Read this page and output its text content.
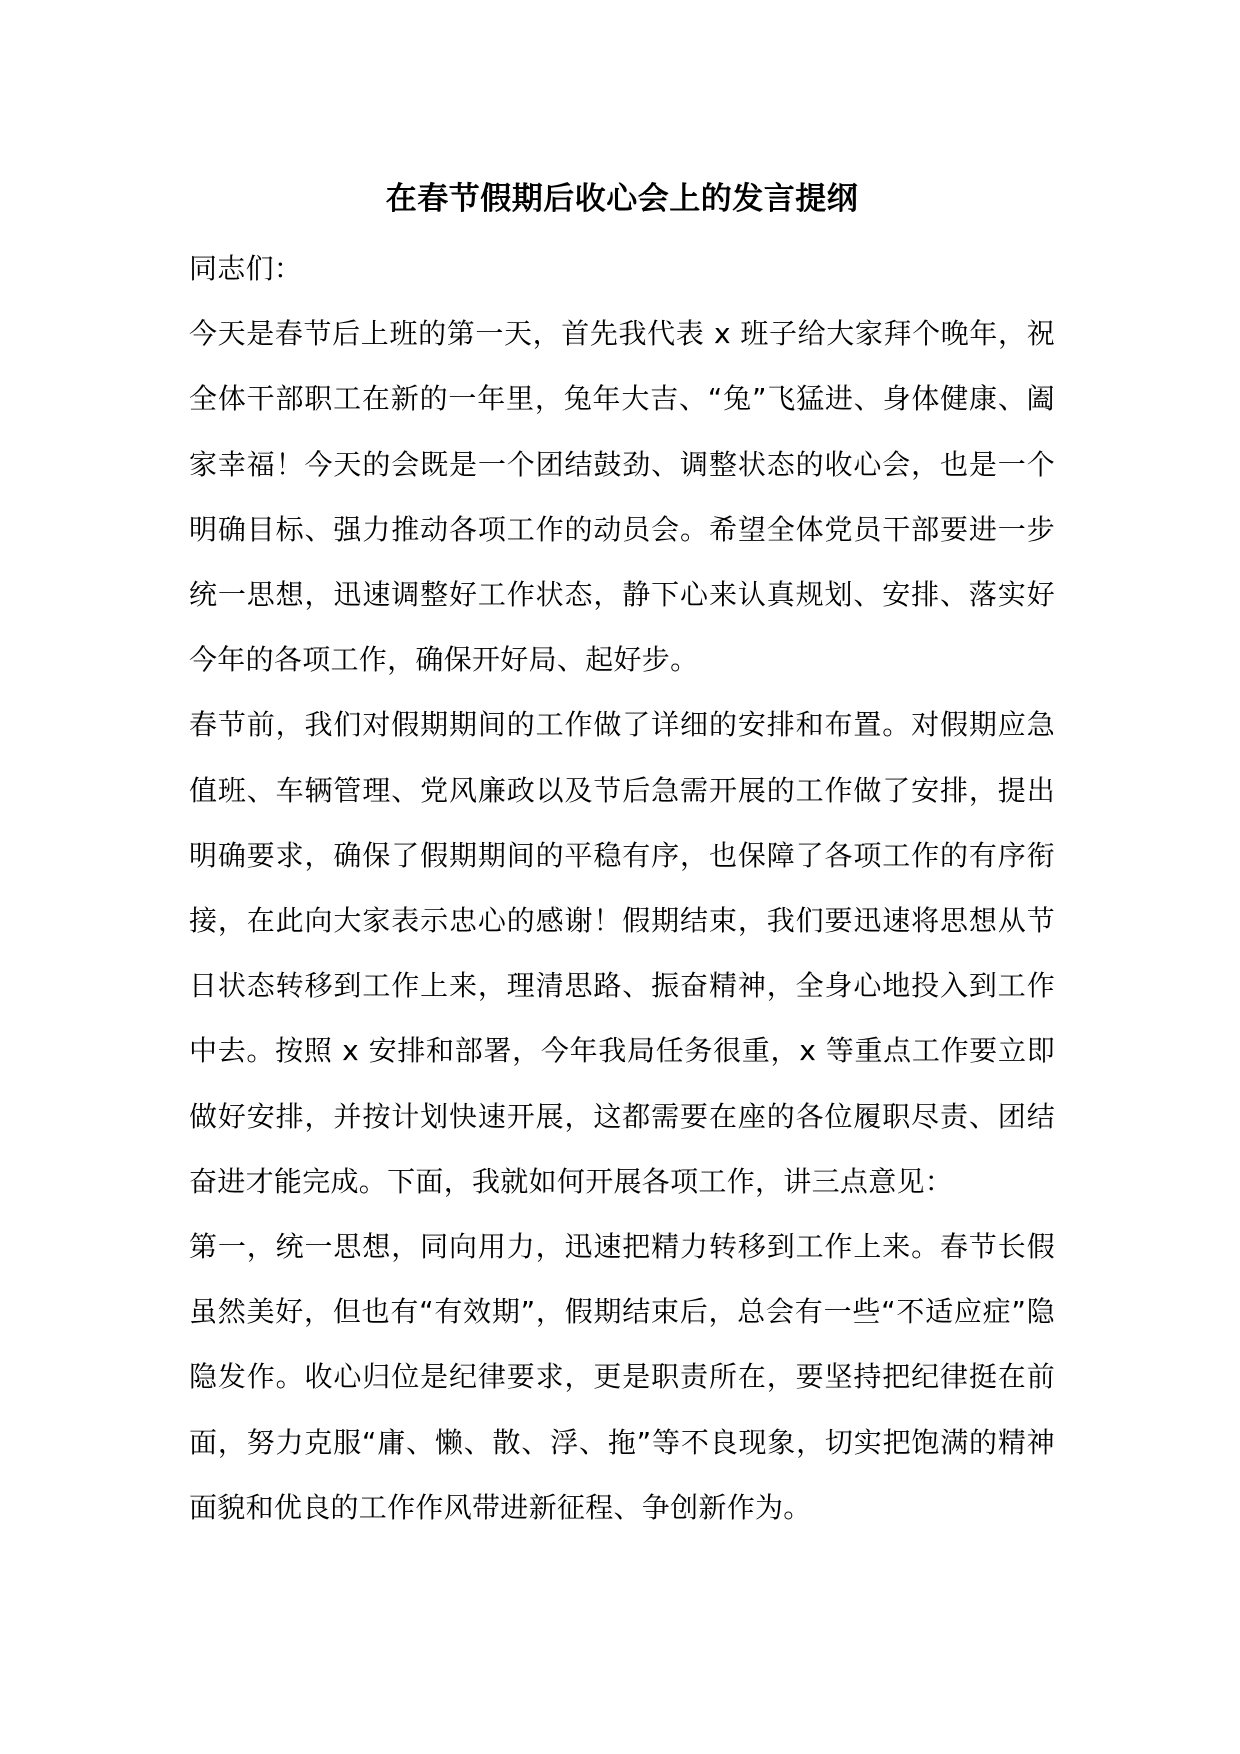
在春节假期后收心会上的发言提纲

同志们：

今天是春节后上班的第一天，首先我代表 x 班子给大家拜个晚年，祝全体干部职工在新的一年里，兔年大吉、“兔”飞猛进、身体健康、阖家幸福！今天的会既是一个团结鼓劲、调整状态的收心会，也是一个明确目标、强力推动各项工作的动员会。希望全体党员干部要进一步统一思想，迅速调整好工作状态，静下心来认真规划、安排、落实好今年的各项工作，确保开好局、起好步。

春节前，我们对假期期间的工作做了详细的安排和布置。对假期应急值班、车辆管理、党风廉政以及节后急需开展的工作做了安排，提出明确要求，确保了假期期间的平稳有序，也保障了各项工作的有序衔接，在此向大家表示忠心的感谢！假期结束，我们要迅速将思想从节日状态转移到工作上来，理清思路、振奋精神，全身心地投入到工作中去。按照 x 安排和部署，今年我局任务很重，x 等重点工作要立即做好安排，并按计划快速开展，这都需要在座的各位履职尽责、团结奋进才能完成。下面，我就如何开展各项工作，讲三点意见：

第一，统一思想，同向用力，迅速把精力转移到工作上来。春节长假虽然美好，但也有“有效期”，假期结束后，总会有一些“不适应症”隐隐发作。收心归位是纪律要求，更是职责所在，要坚持把纪律挺在前面，努力克服“庸、懒、散、浮、拖”等不良现象，切实把饱满的精神面貌和优良的工作作风带进新征程、争创新作为。
